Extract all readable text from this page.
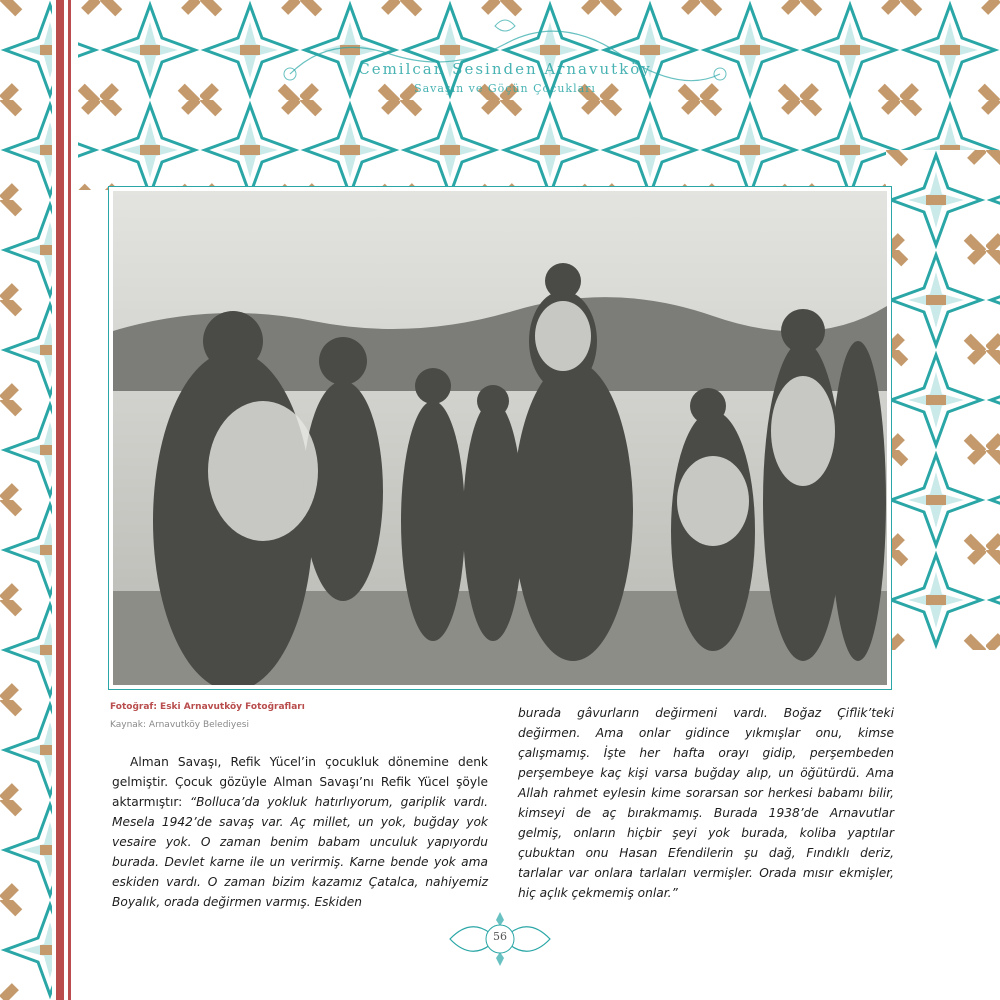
Cemilcan Sesinden Arnavutköy
Savaşın ve Göçün Çocukları
Fotoğraf: Eski Arnavutköy Fotoğrafları
Kaynak: Arnavutköy Belediyesi

Alman Savaşı, Refik Yücel’in çocukluk dönemine denk gelmiştir. Çocuk gözüyle Alman Savaşı’nı Refik Yücel şöyle aktarmıştır: “Bolluca’da yokluk hatırlıyorum, gariplik vardı. Mesela 1942’de savaş var. Aç millet, un yok, buğday yok vesaire yok. O zaman benim babam unculuk yapıyordu burada. Devlet karne ile un verirmiş. Karne bende yok ama eskiden vardı. O zaman bizim kazamız Çatalca, nahiyemiz Boyalık, orada değirmen varmış. Eskiden

burada gâvurların değirmeni vardı. Boğaz Çiflik’teki değirmen. Ama onlar gidince yıkmışlar onu, kimse çalışmamış. İşte her hafta orayı gidip, perşembeden perşembeye kaç kişi varsa buğday alıp, un öğütürdü. Ama Allah rahmet eylesin kime sorarsan sor herkesi babamı bilir, kimseyi de aç bırakmamış. Burada 1938’de Arnavutlar gelmiş, onların hiçbir şeyi yok burada, koliba yaptılar çubuktan onu Hasan Efendilerin şu dağ, Fındıklı deriz, tarlalar var onlara tarlaları vermişler. Orada mısır ekmişler, hiç açlık çekmemiş onlar.”

56
